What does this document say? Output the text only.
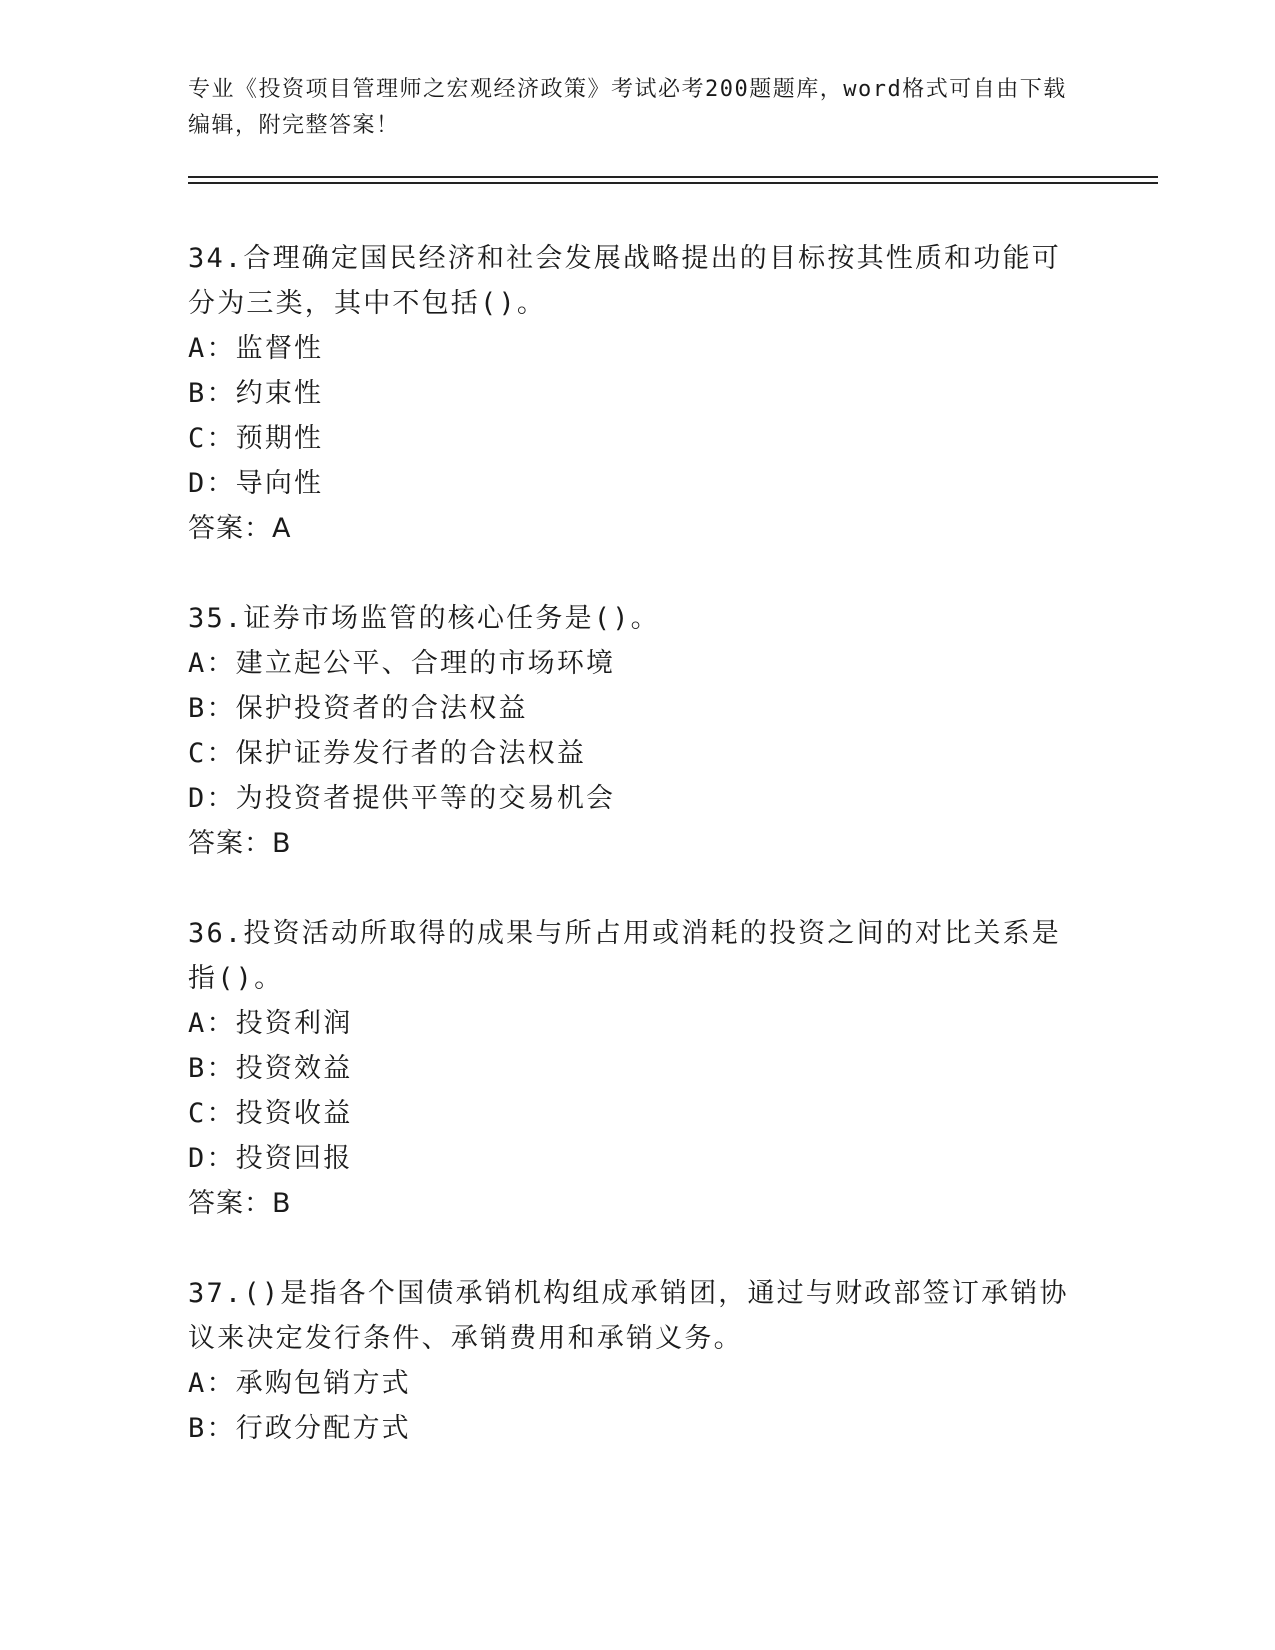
专业《投资项目管理师之宏观经济政策》考试必考200题题库，word格式可自由下载编辑，附完整答案！
34.合理确定国民经济和社会发展战略提出的目标按其性质和功能可分为三类，其中不包括()。
A：监督性
B：约束性
C：预期性
D：导向性
答案：A
35.证券市场监管的核心任务是()。
A：建立起公平、合理的市场环境
B：保护投资者的合法权益
C：保护证券发行者的合法权益
D：为投资者提供平等的交易机会
答案：B
36.投资活动所取得的成果与所占用或消耗的投资之间的对比关系是指()。
A：投资利润
B：投资效益
C：投资收益
D：投资回报
答案：B
37.()是指各个国债承销机构组成承销团，通过与财政部签订承销协议来决定发行条件、承销费用和承销义务。
A：承购包销方式
B：行政分配方式
